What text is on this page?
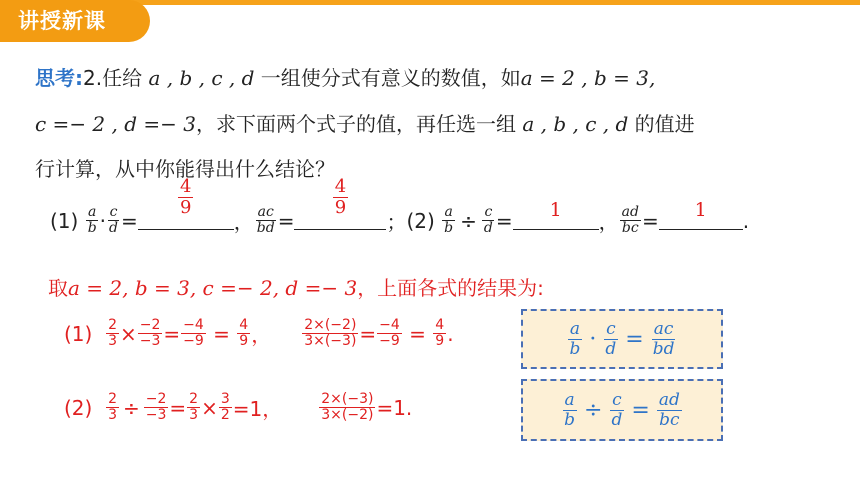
讲授新课
思考:2.任给 a , b , c , d 一组使分式有意义的数值，如a = 2 , b = 3,
c =− 2 , d =− 3，求下面两个式子的值，再任选一组 a , b , c , d 的值进
行计算，从中你能得出什么结论？
(1)
$\frac{a}{b} \cdot \frac{c}{d}$ =
$\frac{4}{9}$
， $\frac{ac}{bd}$ =
$\frac{4}{9}$
； (2)
$\frac{a}{b} \div \frac{c}{d}$ =	1	， $\frac{ad}{bc}$ =	1	.
取a = 2, b = 3, c =− 2, d =− 3，上面各式的结果为:
(1)
$\frac{2}{3} \times \frac{-2}{-3} = \frac{-4}{-9}$
=
$\frac{4}{9}$ ， $\frac{2\times(-2)}{3\times(-3)} = \frac{-4}{-9}$
=
$\frac{4}{9}$ .
(2)
$\frac{2}{3} \div \frac{-2}{-3} = \frac{2}{3} \times \frac{3}{2} =1$，	$\frac{2\times(-3)}{3\times(-2)} =1$.
$\frac{a}{b} \cdot \frac{c}{d} = \frac{ac}{bd}$
$\frac{a}{b} \div \frac{c}{d} = \frac{ad}{bc}$
